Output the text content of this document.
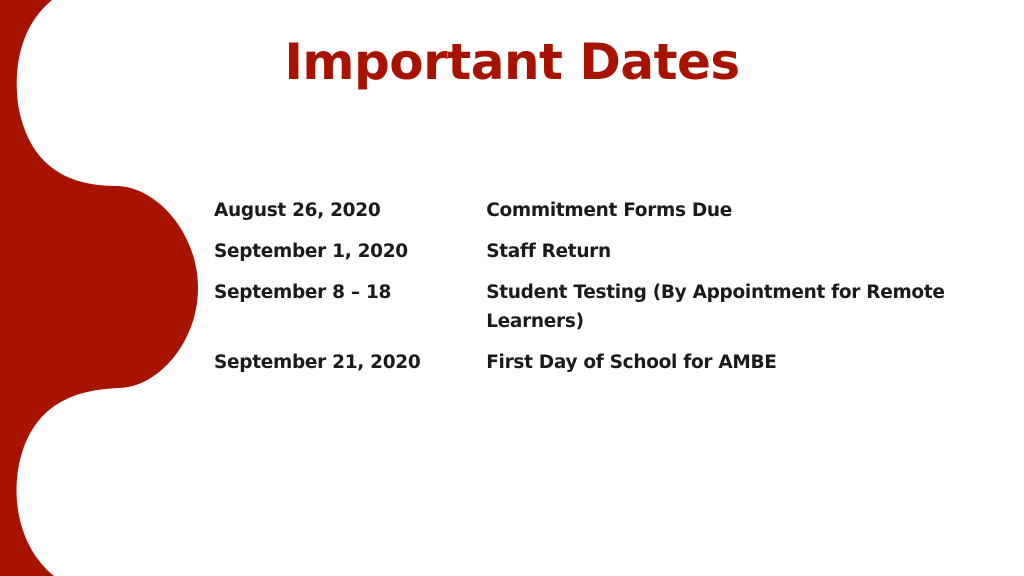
Important Dates
August 26, 2020	Commitment Forms Due
September 1, 2020	Staff Return
September 8 – 18	Student Testing (By Appointment for Remote Learners)
September 21, 2020	First Day of School for AMBE
